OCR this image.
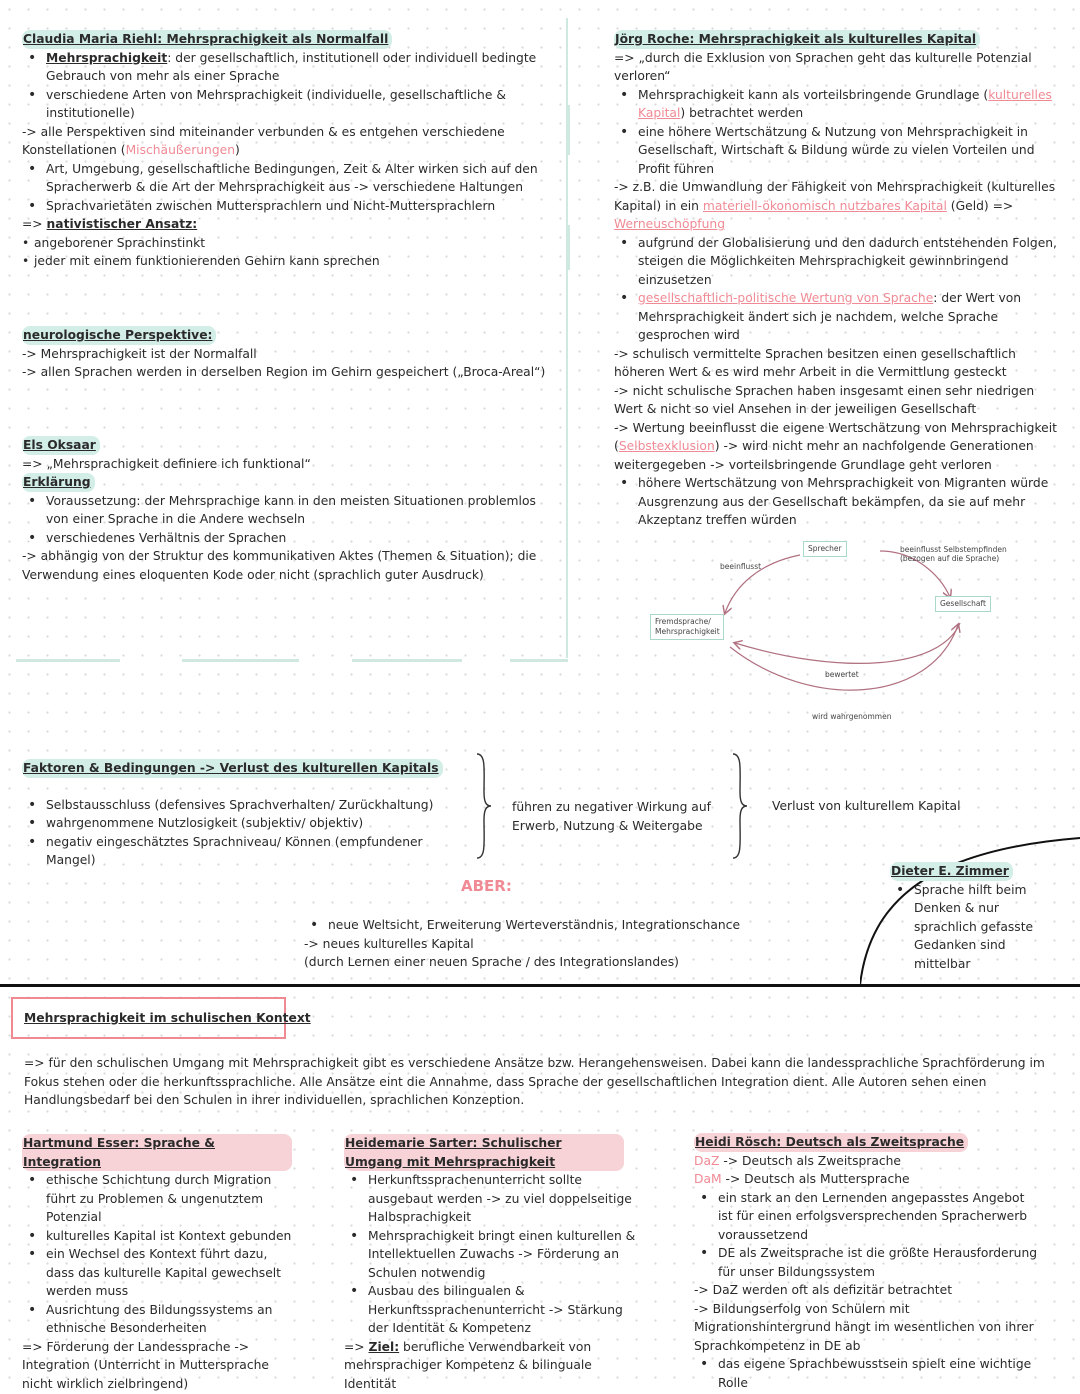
Claudia Maria Riehl: Mehrsprachigkeit als Normalfall
• Mehrsprachigkeit: der gesellschaftlich, institutionell oder individuell bedingte Gebrauch von mehr als einer Sprache
• verschiedene Arten von Mehrsprachigkeit (individuelle, gesellschaftliche & institutionelle)
-> alle Perspektiven sind miteinander verbunden & es entgehen verschiedene Konstellationen (Mischäußerungen)
• Art, Umgebung, gesellschaftliche Bedingungen, Zeit & Alter wirken sich auf den Spracherwerb & die Art der Mehrsprachigkeit aus -> verschiedene Haltungen
• Sprachvarietäten zwischen Muttersprachlern und Nicht-Muttersprachlern
=> nativistischer Ansatz:
• angeborener Sprachinstinkt
• jeder mit einem funktionierenden Gehirn kann sprechen
neurologische Perspektive:
-> Mehrsprachigkeit ist der Normalfall
-> allen Sprachen werden in derselben Region im Gehirn gespeichert („Broca-Areal“)
Els Oksaar
=> „Mehrsprachigkeit definiere ich funktional“
Erklärung
• Voraussetzung: der Mehrsprachige kann in den meisten Situationen problemlos von einer Sprache in die Andere wechseln
• verschiedenes Verhältnis der Sprachen
-> abhängig von der Struktur des kommunikativen Aktes (Themen & Situation); die Verwendung eines eloquenten Kode oder nicht (sprachlich guter Ausdruck)
Jörg Roche: Mehrsprachigkeit als kulturelles Kapital
=> „durch die Exklusion von Sprachen geht das kulturelle Potenzial verloren“
• Mehrsprachigkeit kann als vorteilsbringende Grundlage (kulturelles Kapital) betrachtet werden
• eine höhere Wertschätzung & Nutzung von Mehrsprachigkeit in Gesellschaft, Wirtschaft & Bildung würde zu vielen Vorteilen und Profit führen
-> z.B. die Umwandlung der Fähigkeit von Mehrsprachigkeit (kulturelles Kapital) in ein materiell-ökonomisch nutzbares Kapital (Geld) => Werneuschöpfung
• aufgrund der Globalisierung und den dadurch entstehenden Folgen, steigen die Möglichkeiten Mehrsprachigkeit gewinnbringend einzusetzen
• gesellschaftlich-politische Wertung von Sprache: der Wert von Mehrsprachigkeit ändert sich je nachdem, welche Sprache gesprochen wird
-> schulisch vermittelte Sprachen besitzen einen gesellschaftlich höheren Wert & es wird mehr Arbeit in die Vermittlung gesteckt
-> nicht schulische Sprachen haben insgesamt einen sehr niedrigen Wert & nicht so viel Ansehen in der jeweiligen Gesellschaft
-> Wertung beeinflusst die eigene Wertschätzung von Mehrsprachigkeit (Selbstexklusion) -> wird nicht mehr an nachfolgende Generationen weitergegeben -> vorteilsbringende Grundlage geht verloren
• höhere Wertschätzung von Mehrsprachigkeit von Migranten würde Ausgrenzung aus der Gesellschaft bekämpfen, da sie auf mehr Akzeptanz treffen würden
Sprecher
Gesellschaft
Fremdsprache/ Mehrsprachigkeit
beeinflusst
beeinflusst Selbstempfinden (bezogen auf die Sprache)
bewertet
wird wahrgenommen
Faktoren & Bedingungen -> Verlust des kulturellen Kapitals
• Selbstausschluss (defensives Sprachverhalten/ Zurückhaltung)
• wahrgenommene Nutzlosigkeit (subjektiv/ objektiv)
• negativ eingeschätztes Sprachniveau/ Können (empfundener Mangel)
führen zu negativer Wirkung auf Erwerb, Nutzung & Weitergabe
Verlust von kulturellem Kapital
ABER:
• neue Weltsicht, Erweiterung Werteverständnis, Integrationschance
-> neues kulturelles Kapital
(durch Lernen einer neuen Sprache / des Integrationslandes)
Dieter E. Zimmer
• Sprache hilft beim Denken & nur sprachlich gefasste Gedanken sind mittelbar
Mehrsprachigkeit im schulischen Kontext
=> für den schulischen Umgang mit Mehrsprachigkeit gibt es verschiedene Ansätze bzw. Herangehensweisen. Dabei kann die landessprachliche Sprachförderung im Fokus stehen oder die herkunftssprachliche. Alle Ansätze eint die Annahme, dass Sprache der gesellschaftlichen Integration dient. Alle Autoren sehen einen Handlungsbedarf bei den Schulen in ihrer individuellen, sprachlichen Konzeption.
Hartmund Esser: Sprache & Integration
• ethische Schichtung durch Migration führt zu Problemen & ungenutztem Potenzial
• kulturelles Kapital ist Kontext gebunden
• ein Wechsel des Kontext führt dazu, dass das kulturelle Kapital gewechselt werden muss
• Ausrichtung des Bildungssystems an ethnische Besonderheiten
=> Förderung der Landessprache -> Integration (Unterricht in Muttersprache nicht wirklich zielbringend)
Heidemarie Sarter: Schulischer Umgang mit Mehrsprachigkeit
• Herkunftssprachenunterricht sollte ausgebaut werden -> zu viel doppelseitige Halbsprachigkeit
• Mehrsprachigkeit bringt einen kulturellen & Intellektuellen Zuwachs -> Förderung an Schulen notwendig
• Ausbau des bilingualen & Herkunftssprachenunterricht -> Stärkung der Identität & Kompetenz
=> Ziel: berufliche Verwendbarkeit von mehrsprachiger Kompetenz & bilinguale Identität
Heidi Rösch: Deutsch als Zweitsprache
DaZ -> Deutsch als Zweitsprache
DaM -> Deutsch als Muttersprache
• ein stark an den Lernenden angepasstes Angebot ist für einen erfolgsversprechenden Spracherwerb voraussetzend
• DE als Zweitsprache ist die größte Herausforderung für unser Bildungssystem
-> DaZ werden oft als defizitär betrachtet
-> Bildungserfolg von Schülern mit Migrationshintergrund hängt im wesentlichen von ihrer Sprachkompetenz in DE ab
• das eigene Sprachbewusstsein spielt eine wichtige Rolle
